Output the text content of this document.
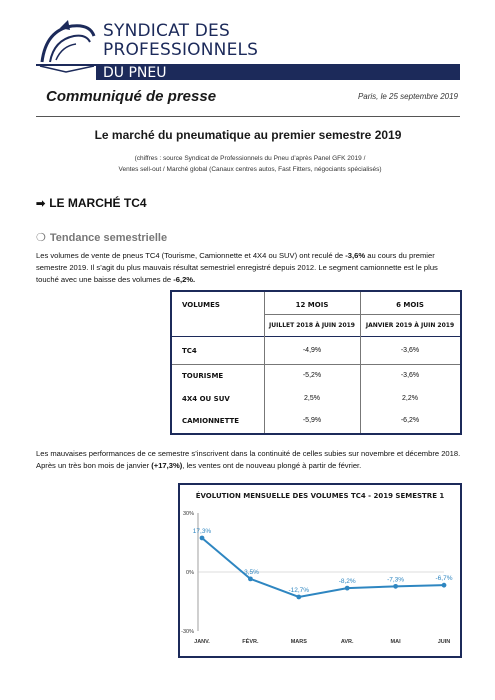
SYNDICAT DES
PROFESSIONNELS
DU PNEU
Communiqué de presse	Paris, le 25 septembre 2019
Le marché du pneumatique au premier semestre 2019
(chiffres : source Syndicat de Professionnels du Pneu d’après Panel GFK 2019 /
Ventes sell-out / Marché global (Canaux centres autos, Fast Fitters, négociants spécialisés)
➡ LE MARCHÉ TC4
❍ Tendance semestrielle
Les volumes de vente de pneus TC4 (Tourisme, Camionnette et 4X4 ou SUV) ont reculé de -3,6% au cours du premier semestre 2019. Il s’agit du plus mauvais résultat semestriel enregistré depuis 2012. Le segment camionnette est le plus touché avec une baisse des volumes de -6,2%.
VOLUMES	12 MOIS	6 MOIS
JUILLET 2018 À JUIN 2019	JANVIER 2019 À JUIN 2019
TC4	-4,9%	-3,6%
TOURISME	-5,2%	-3,6%
4X4 OU SUV	2,5%	2,2%
CAMIONNETTE	-5,9%	-6,2%
Les mauvaises performances de ce semestre s’inscrivent dans la continuité de celles subies sur novembre et décembre 2018. Après un très bon mois de janvier (+17,3%), les ventes ont de nouveau plongé à partir de février.
ÉVOLUTION MENSUELLE DES VOLUMES TC4 - 2019 SEMESTRE 1
30%
0%
-30%
17,3%
JANV.
-3,5%
FÉVR.
-12,7%
MARS
-8,2%
AVR.
-7,3%
MAI
-6,7%
JUIN
